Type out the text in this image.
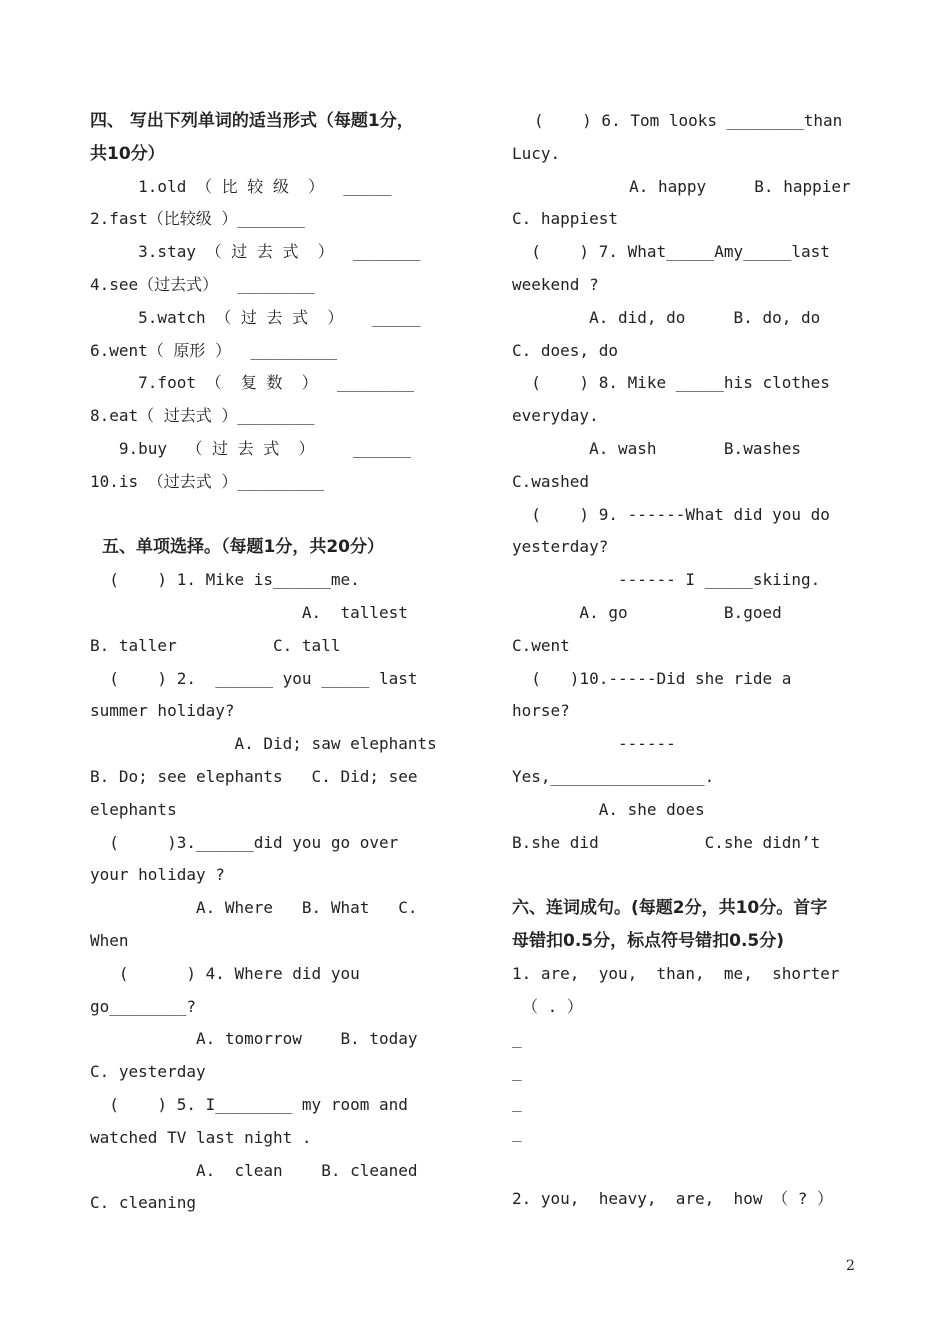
四、 写出下列单词的适当形式（每题1分，
共10分）
1.old （ 比 较 级  ）  _____
2.fast（比较级 ）_______
3.stay （ 过 去 式  ）  _______
4.see（过去式）  ________
5.watch （ 过 去 式  ）   _____
6.went（ 原形 ）  _________
7.foot （  复 数  ）  ________
8.eat（ 过去式 ）________
9.buy  （ 过 去 式  ）    ______
10.is （过去式 ）_________
五、单项选择。（每题1分，共20分）
(    ) 1. Mike is______me.
A.  tallest
B. taller          C. tall
(    ) 2.  ______ you _____ last
summer holiday?
A. Did; saw elephants
B. Do; see elephants   C. Did; see
elephants
(     )3.______did you go over
your holiday ?
A. Where   B. What   C.
When
(      ) 4. Where did you
go________?
A. tomorrow    B. today
C. yesterday
(    ) 5. I________ my room and
watched TV last night .
A.  clean    B. cleaned
C. cleaning
(    ) 6. Tom looks ________than
Lucy.
A. happy     B. happier
C. happiest
(    ) 7. What_____Amy_____last
weekend ?
A. did, do     B. do, do
C. does, do
(    ) 8. Mike _____his clothes
everyday.
A. wash       B.washes
C.washed
(    ) 9. ------What did you do
yesterday?
------ I _____skiing.
A. go          B.goed
C.went
(   )10.-----Did she ride a
horse?
------
Yes,________________.
A. she does
B.she did           C.she didn’t
六、连词成句。(每题2分，共10分。首字
母错扣0.5分，标点符号错扣0.5分)
1. are,  you,  than,  me,  shorter
（ . ）
_
_
_
_
2. you,  heavy,  are,  how （ ? ）
2
